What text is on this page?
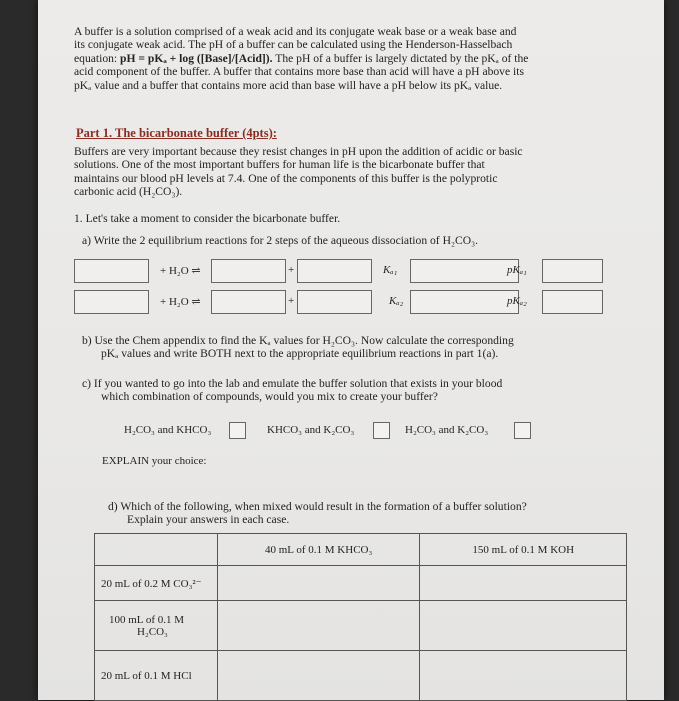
A buffer is a solution comprised of a weak acid and its conjugate weak base or a weak base and
its conjugate weak acid. The pH of a buffer can be calculated using the Henderson-Hasselbach
equation: pH = pKₐ + log ([Base]/[Acid]). The pH of a buffer is largely dictated by the pKₐ of the
acid component of the buffer. A buffer that contains more base than acid will have a pH above its
pKₐ value and a buffer that contains more acid than base will have a pH below its pKₐ value.
Part 1. The bicarbonate buffer (4pts):
Buffers are very important because they resist changes in pH upon the addition of acidic or basic
solutions. One of the most important buffers for human life is the bicarbonate buffer that
maintains our blood pH levels at 7.4. One of the components of this buffer is the polyprotic
carbonic acid (H₂CO₃).
1. Let's take a moment to consider the bicarbonate buffer.
a) Write the 2 equilibrium reactions for 2 steps of the aqueous dissociation of H₂CO₃.
+ H₂O ⇌	+	Kₐ₁	pKₐ₁
+ H₂O ⇌	+	Kₐ₂	pKₐ₂
b) Use the Chem appendix to find the Kₐ values for H₂CO₃. Now calculate the corresponding
pKₐ values and write BOTH next to the appropriate equilibrium reactions in part 1(a).
c) If you wanted to go into the lab and emulate the buffer solution that exists in your blood
which combination of compounds, would you mix to create your buffer?
H₂CO₃ and KHCO₃	KHCO₃ and K₂CO₃	H₂CO₃ and K₂CO₃
EXPLAIN your choice:
d) Which of the following, when mixed would result in the formation of a buffer solution?
Explain your answers in each case.
	40 mL of 0.1 M KHCO₃	150 mL of 0.1 M KOH
20 mL of 0.2 M CO₃²⁻		

100 mL of 0.1 M
H₂CO₃		

20 mL of 0.1 M HCl		
